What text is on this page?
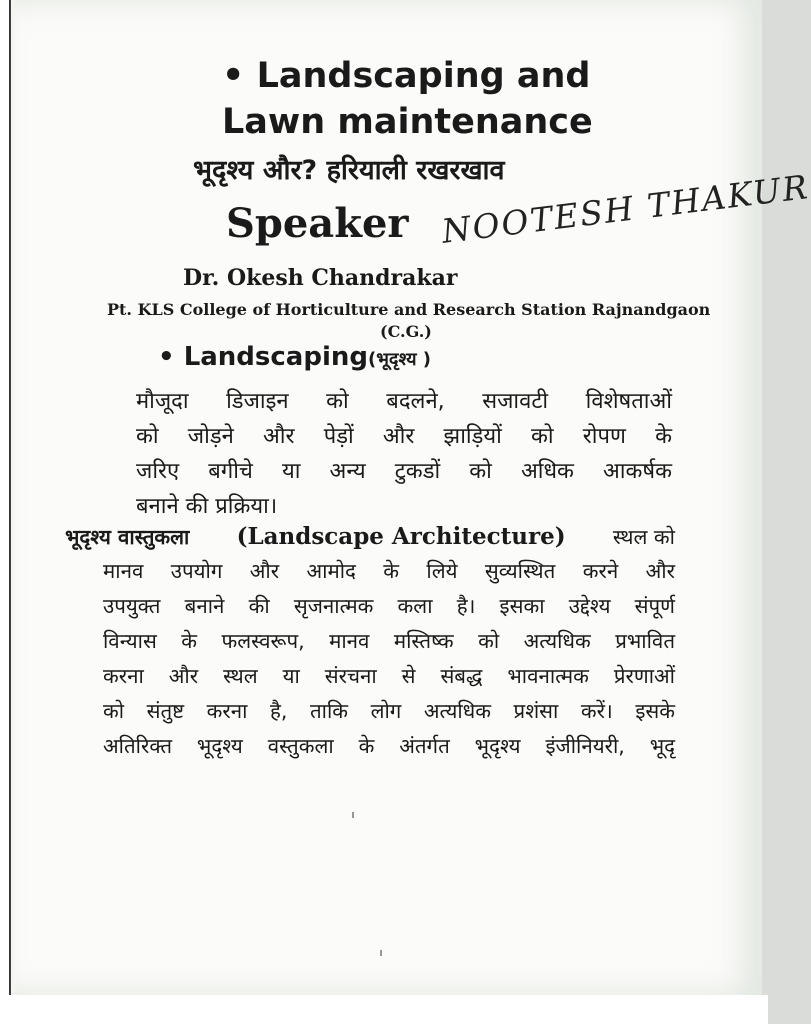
• Landscaping and
Lawn maintenance
भूदृश्य और? हरियाली रखरखाव
Speaker NOOTESH THAKUR
Dr. Okesh Chandrakar
Pt. KLS College of Horticulture and Research Station Rajnandgaon
(C.G.)
• Landscaping(भूदृश्य )
मौजूदा डिजाइन को बदलने, सजावटी विशेषताओं
को जोड़ने और पेड़ों और झाड़ियों को रोपण के
जरिए बगीचे या अन्य टुकडों को अधिक आकर्षक
बनाने की प्रक्रिया।
भूदृश्य वास्तुकला (Landscape Architecture) स्थल को
मानव उपयोग और आमोद के लिये सुव्यस्थित करने और
उपयुक्त बनाने की सृजनात्मक कला है। इसका उद्देश्य संपूर्ण
विन्यास के फलस्वरूप, मानव मस्तिष्क को अत्यधिक प्रभावित
करना और स्थल या संरचना से संबद्ध भावनात्मक प्रेरणाओं
को संतुष्ट करना है, ताकि लोग अत्यधिक प्रशंसा करें। इसके
अतिरिक्त भूदृश्य वस्तुकला के अंतर्गत भूदृश्य इंजीनियरी, भूदृ
